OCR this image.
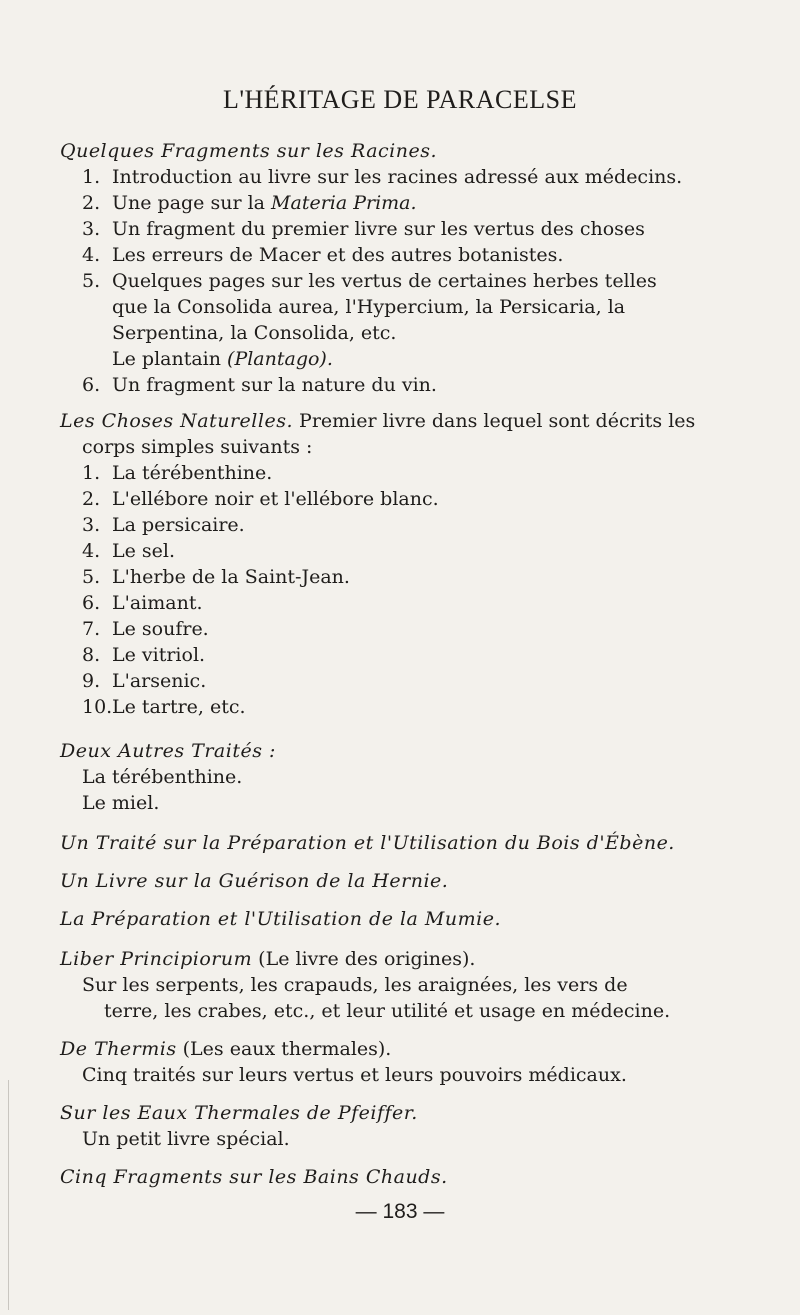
L'HÉRITAGE DE PARACELSE
Quelques Fragments sur les Racines.
1. Introduction au livre sur les racines adressé aux médecins.
2. Une page sur la Materia Prima.
3. Un fragment du premier livre sur les vertus des choses
4. Les erreurs de Macer et des autres botanistes.
5. Quelques pages sur les vertus de certaines herbes telles
que la Consolida aurea, l'Hypercium, la Persicaria, la
Serpentina, la Consolida, etc.
Le plantain (Plantago).
6. Un fragment sur la nature du vin.
Les Choses Naturelles. Premier livre dans lequel sont décrits les
corps simples suivants :
1. La térébenthine.
2. L'ellébore noir et l'ellébore blanc.
3. La persicaire.
4. Le sel.
5. L'herbe de la Saint-Jean.
6. L'aimant.
7. Le soufre.
8. Le vitriol.
9. L'arsenic.
10. Le tartre, etc.
Deux Autres Traités :
La térébenthine.
Le miel.
Un Traité sur la Préparation et l'Utilisation du Bois d'Ébène.
Un Livre sur la Guérison de la Hernie.
La Préparation et l'Utilisation de la Mumie.
Liber Principiorum (Le livre des origines).
Sur les serpents, les crapauds, les araignées, les vers de
terre, les crabes, etc., et leur utilité et usage en médecine.
De Thermis (Les eaux thermales).
Cinq traités sur leurs vertus et leurs pouvoirs médicaux.
Sur les Eaux Thermales de Pfeiffer.
Un petit livre spécial.
Cinq Fragments sur les Bains Chauds.
— 183 —
